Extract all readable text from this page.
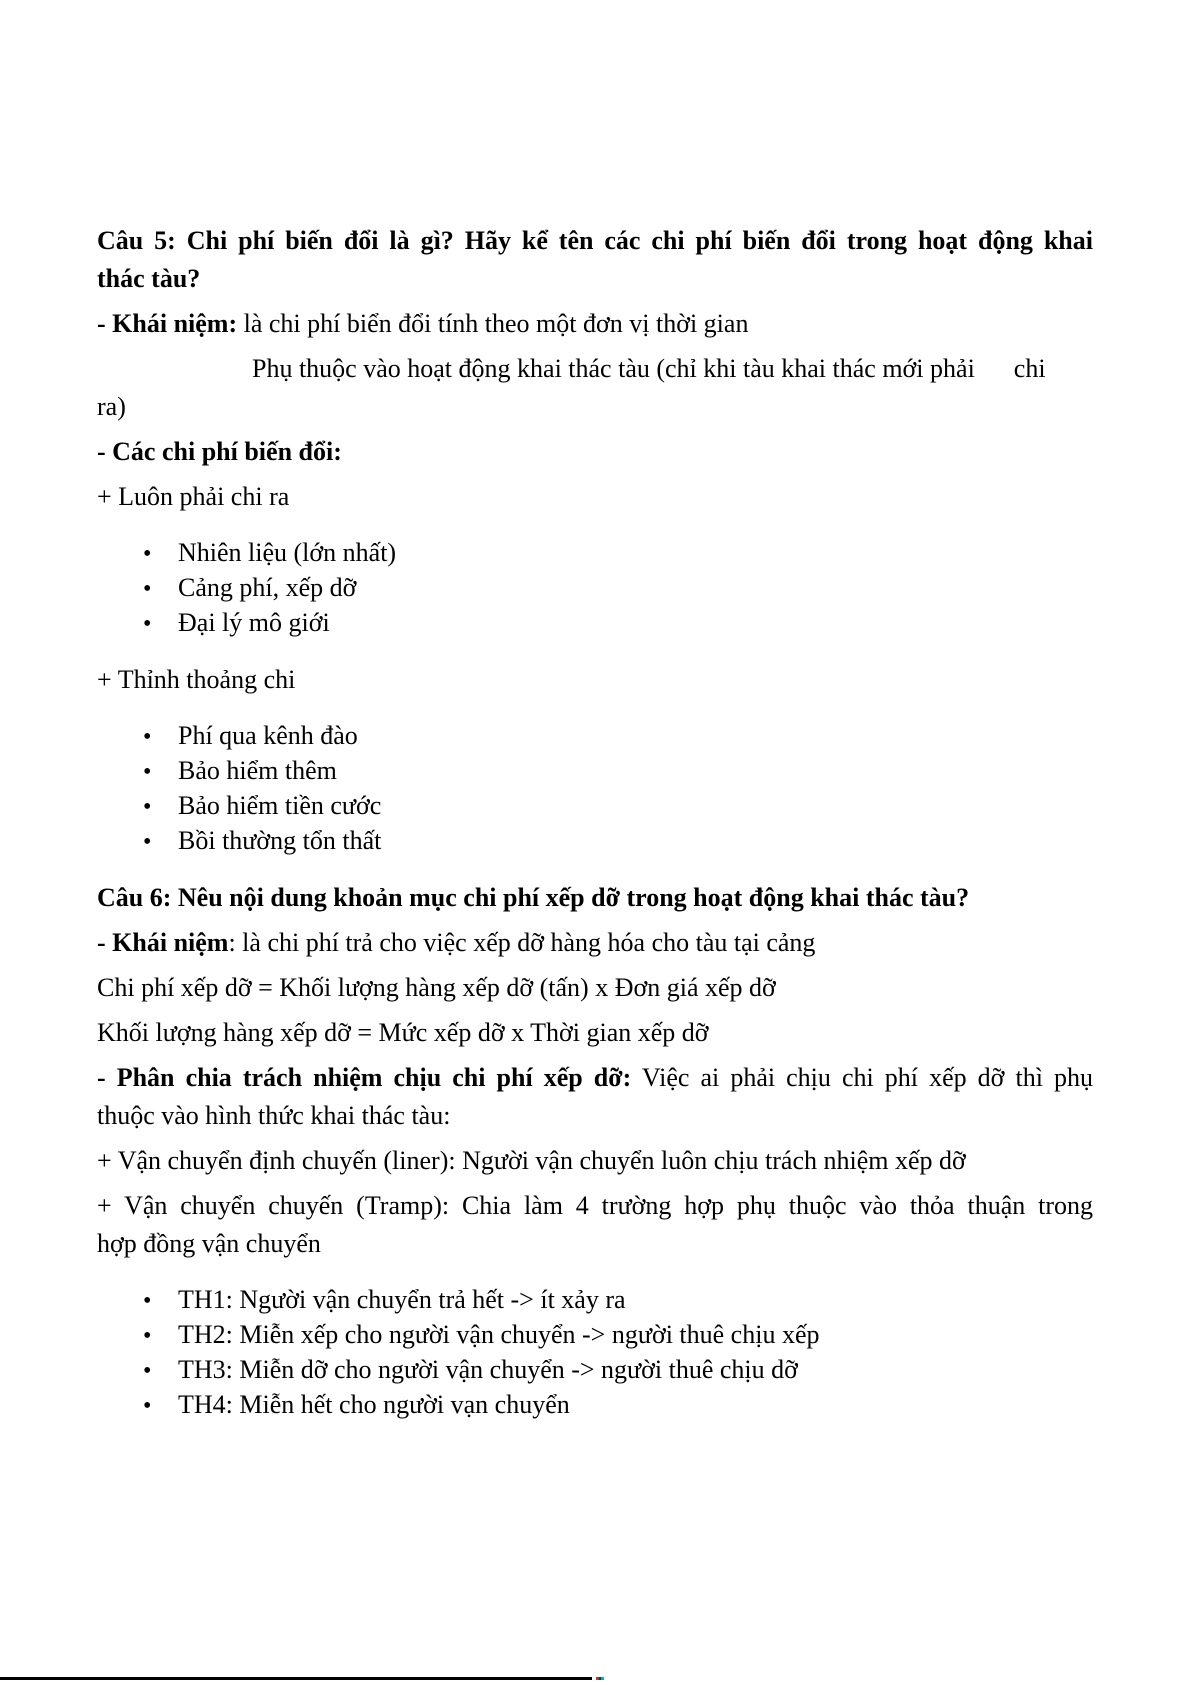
Câu 5: Chi phí biến đổi là gì? Hãy kể tên các chi phí biến đổi trong hoạt động khai
thác tàu?
- Khái niệm: là chi phí biển đổi tính theo một đơn vị thời gian
Phụ thuộc vào hoạt động khai thác tàu (chỉ khi tàu khai thác mới phải      chi
ra)
- Các chi phí biến đổi:
+ Luôn phải chi ra
• Nhiên liệu (lớn nhất)
• Cảng phí, xếp dỡ
• Đại lý mô giới
+ Thỉnh thoảng chi
• Phí qua kênh đào
• Bảo hiểm thêm
• Bảo hiểm tiền cước
• Bồi thường tổn thất
Câu 6: Nêu nội dung khoản mục chi phí xếp dỡ trong hoạt động khai thác tàu?
- Khái niệm: là chi phí trả cho việc xếp dỡ hàng hóa cho tàu tại cảng
Chi phí xếp dỡ = Khối lượng hàng xếp dỡ (tấn) x Đơn giá xếp dỡ
Khối lượng hàng xếp dỡ = Mức xếp dỡ x Thời gian xếp dỡ
- Phân chia trách nhiệm chịu chi phí xếp dỡ: Việc ai phải chịu chi phí xếp dỡ thì phụ
thuộc vào hình thức khai thác tàu:
+ Vận chuyển định chuyến (liner): Người vận chuyển luôn chịu trách nhiệm xếp dỡ
+ Vận chuyển chuyến (Tramp): Chia làm 4 trường hợp phụ thuộc vào thỏa thuận trong
hợp đồng vận chuyển
• TH1: Người vận chuyển trả hết -> ít xảy ra
• TH2: Miễn xếp cho người vận chuyển -> người thuê chịu xếp
• TH3: Miễn dỡ cho người vận chuyển -> người thuê chịu dỡ
• TH4: Miễn hết cho người vạn chuyển
